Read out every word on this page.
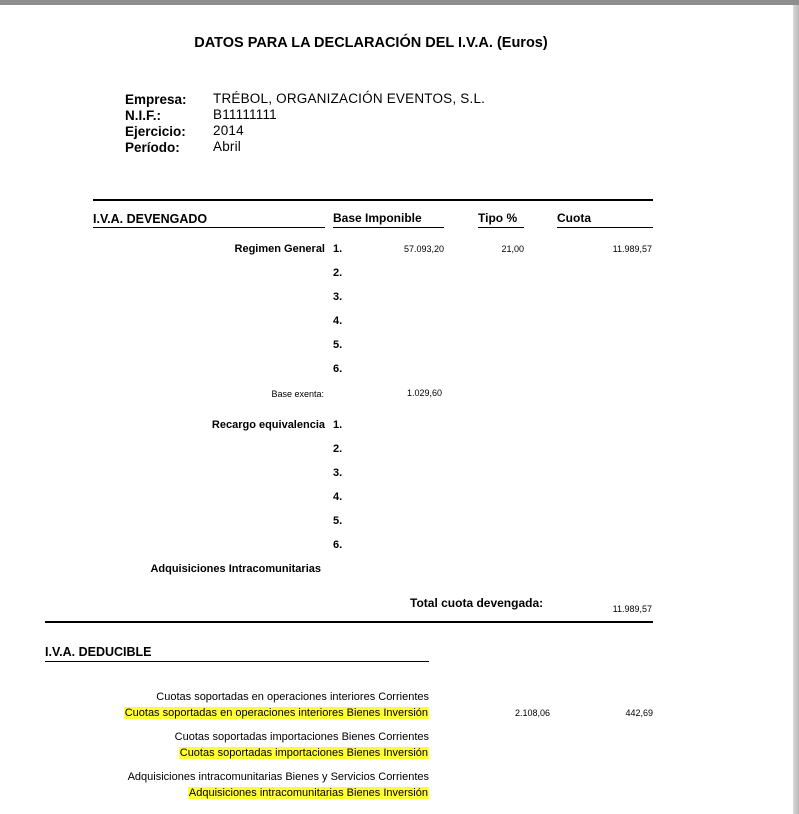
DATOS PARA LA DECLARACIÓN DEL I.V.A. (Euros)
Empresa: TRÉBOL, ORGANIZACIÓN EVENTOS, S.L.
N.I.F.:	B11111111
Ejercicio: 2014
Período: Abril
I.V.A. DEVENGADO	Base Imponible	Tipo %	Cuota
Regimen General 1.	57.093,20	21,00	11.989,57
2.
3.
4.
5.
6.
Base exenta:	1.029,60
Recargo equivalencia 1.
2.
3.
4.
5.
6.
Adquisiciones Intracomunitarias
Total cuota devengada:	11.989,57
I.V.A. DEDUCIBLE
Cuotas soportadas en operaciones interiores Corrientes
Cuotas soportadas en operaciones interiores Bienes Inversión	2.108,06	442,69
Cuotas soportadas importaciones Bienes Corrientes
Cuotas soportadas importaciones Bienes Inversión
Adquisiciones intracomunitarias Bienes y Servicios Corrientes
Adquisiciones intracomunitarias Bienes Inversión
